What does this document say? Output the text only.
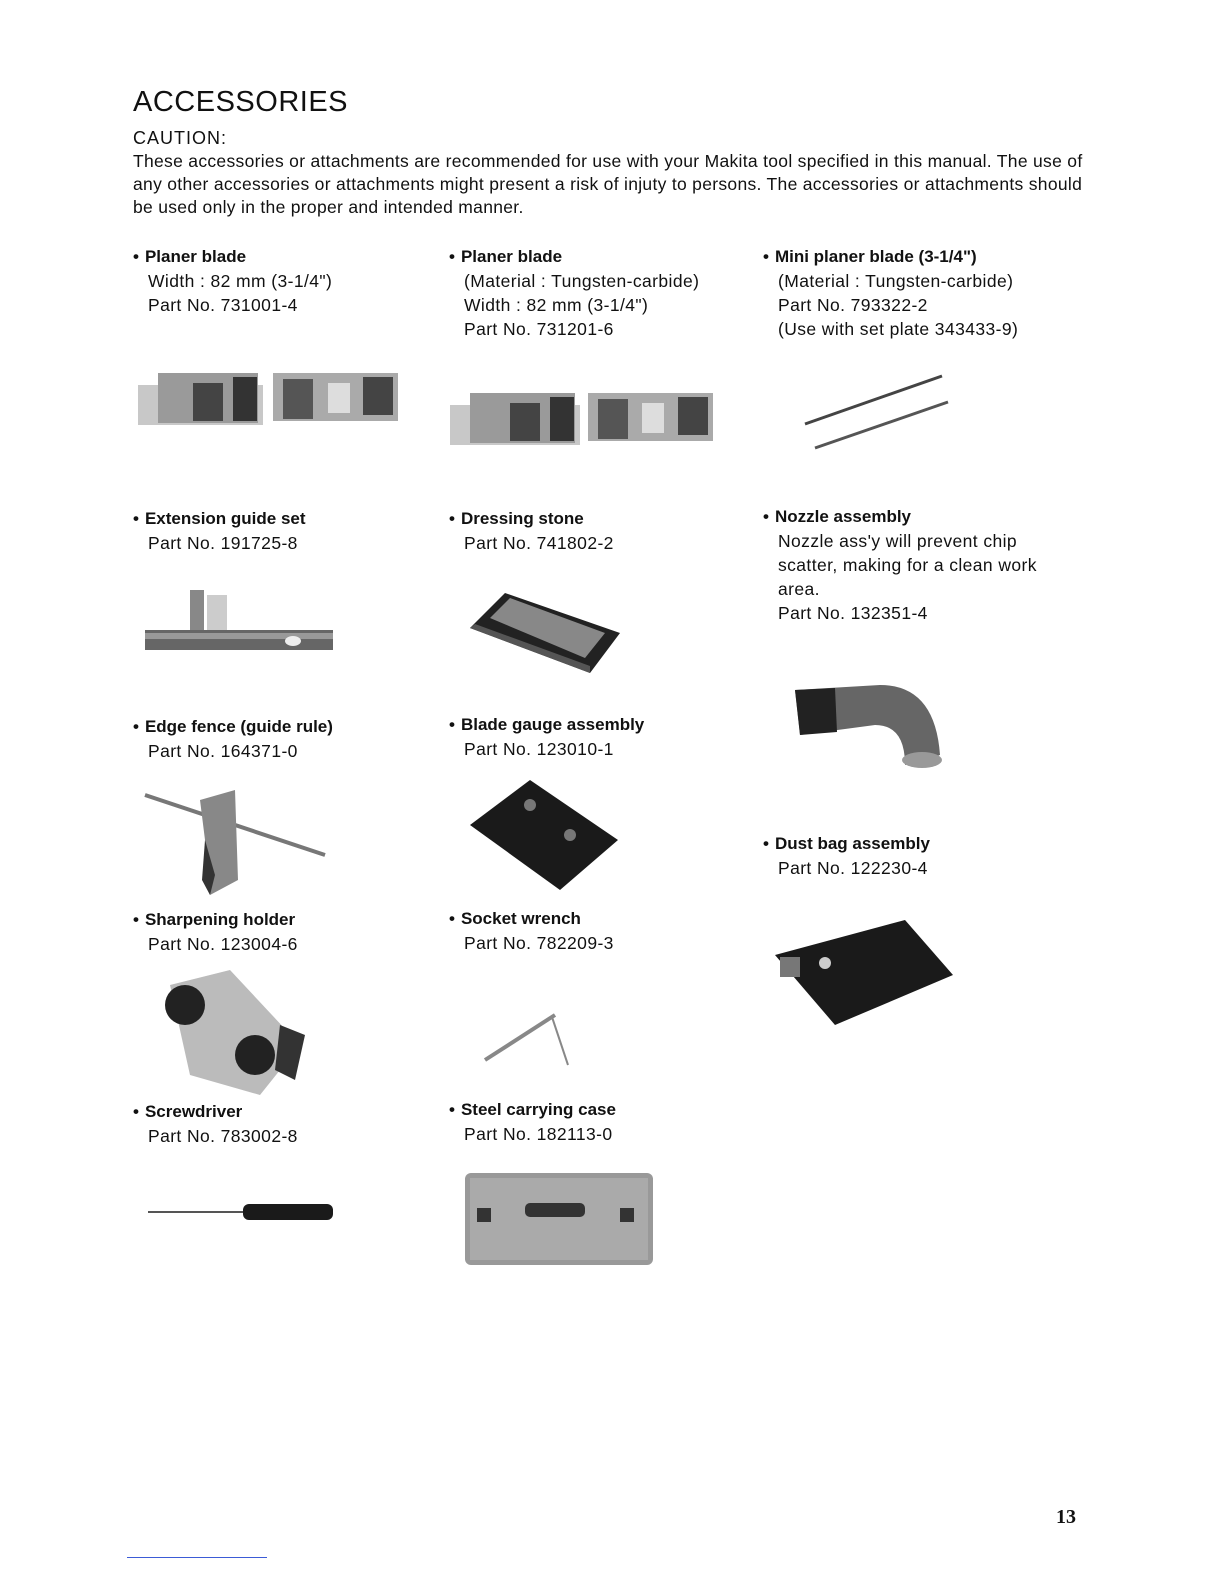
ACCESSORIES
CAUTION:
These accessories or attachments are recommended for use with your Makita tool specified in this manual. The use of any other accessories or attachments might present a risk of injuty to persons. The accessories or attachments should be used only in the proper and intended manner.
• Planer blade
Width : 82 mm (3-1/4")
Part No. 731001-4
• Planer blade
(Material : Tungsten-carbide)
Width : 82 mm (3-1/4")
Part No. 731201-6
• Mini planer blade (3-1/4")
(Material : Tungsten-carbide)
Part No. 793322-2
(Use with set plate 343433-9)
• Extension guide set
Part No. 191725-8
• Dressing stone
Part No. 741802-2
• Nozzle assembly
Nozzle ass'y will prevent chip
scatter, making for a clean work
area.
Part No. 132351-4
• Edge fence (guide rule)
Part No. 164371-0
• Blade gauge assembly
Part No. 123010-1
• Dust bag assembly
Part No. 122230-4
• Sharpening holder
Part No. 123004-6
• Socket wrench
Part No. 782209-3
• Screwdriver
Part No. 783002-8
• Steel carrying case
Part No. 182113-0
13
